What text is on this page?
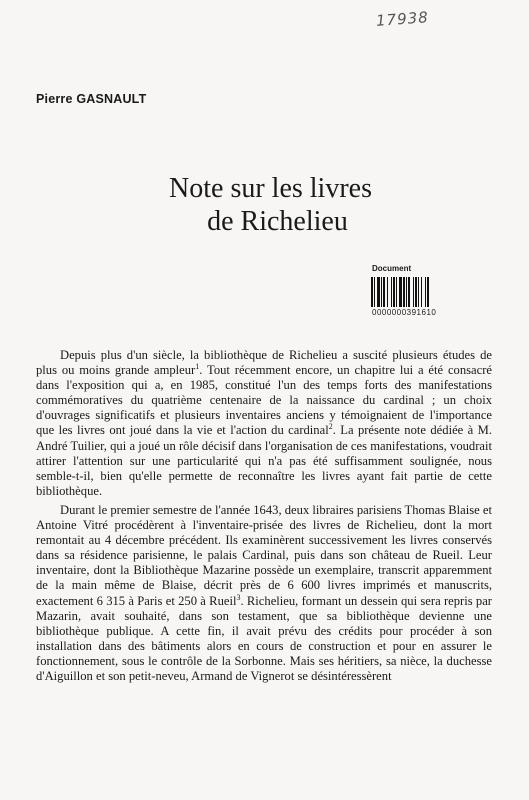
17938
Pierre GASNAULT
Note sur les livres
de Richelieu
Document
0000000391610

Depuis plus d'un siècle, la bibliothèque de Richelieu a suscité plusieurs études de plus ou moins grande ampleur$^1$. Tout récemment encore, un chapitre lui a été consacré dans l'exposition qui a, en 1985, constitué l'un des temps forts des manifestations commémoratives du quatrième centenaire de la naissance du cardinal ; un choix d'ouvrages significatifs et plusieurs inventaires anciens y témoignaient de l'importance que les livres ont joué dans la vie et l'action du cardinal$^2$. La présente note dédiée à M. André Tuilier, qui a joué un rôle décisif dans l'organisation de ces manifestations, voudrait attirer l'attention sur une particularité qui n'a pas été suffisamment soulignée, nous semble-t-il, bien qu'elle permette de reconnaître les livres ayant fait partie de cette bibliothèque.

Durant le premier semestre de l'année 1643, deux libraires parisiens Thomas Blaise et Antoine Vitré procédèrent à l'inventaire-prisée des livres de Richelieu, dont la mort remontait au 4 décembre précédent. Ils examinèrent successivement les livres conservés dans sa résidence parisienne, le palais Cardinal, puis dans son château de Rueil. Leur inventaire, dont la Bibliothèque Mazarine possède un exemplaire, transcrit apparemment de la main même de Blaise, décrit près de 6 600 livres imprimés et manuscrits, exactement 6 315 à Paris et 250 à Rueil$^3$. Richelieu, formant un dessein qui sera repris par Mazarin, avait souhaité, dans son testament, que sa bibliothèque devienne une bibliothèque publique. A cette fin, il avait prévu des crédits pour procéder à son installation dans des bâtiments alors en cours de construction et pour en assurer le fonctionnement, sous le contrôle de la Sorbonne. Mais ses héritiers, sa nièce, la duchesse d'Aiguillon et son petit-neveu, Armand de Vignerot se désintéressèrent
